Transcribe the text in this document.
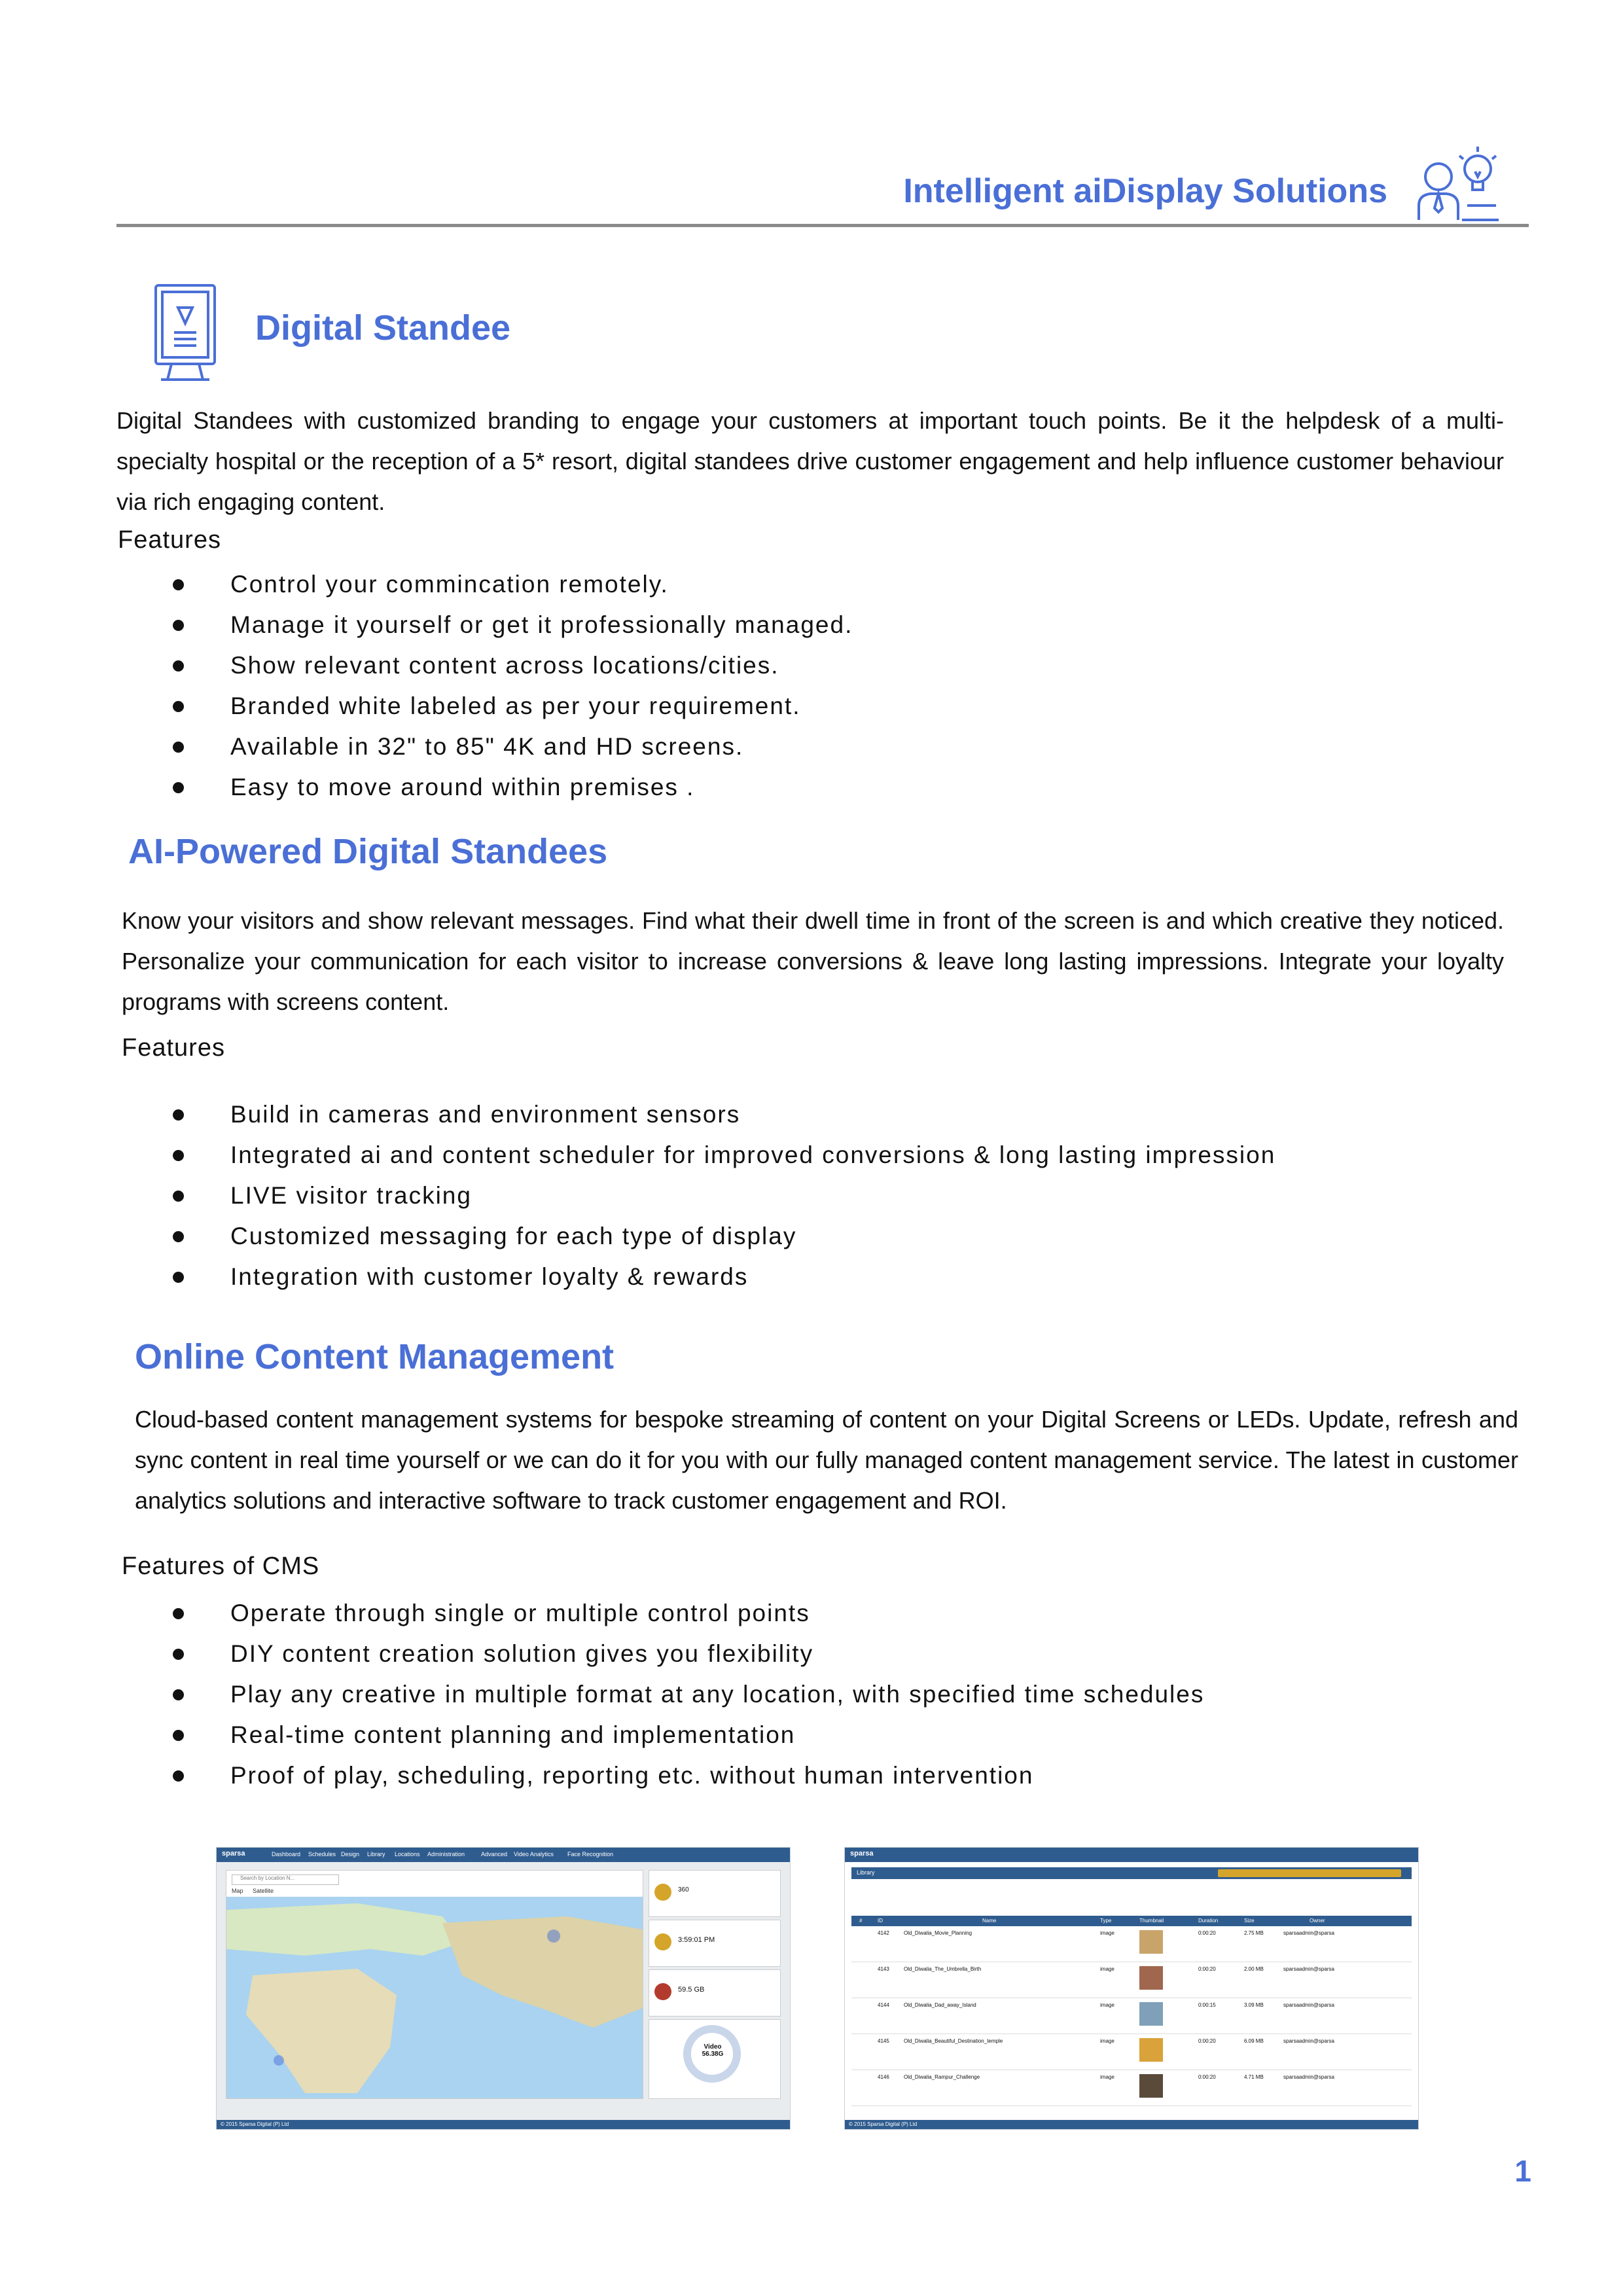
Intelligent aiDisplay Solutions
Digital Standee
Digital Standees with customized branding to engage your customers at important touch points. Be it the helpdesk of a multi-specialty hospital or the reception of a 5* resort, digital standees drive customer engagement and help influence customer behaviour via rich engaging content.
Features
Control your commincation remotely.
Manage it yourself or get it professionally managed.
Show relevant content across locations/cities.
Branded white labeled as per your requirement.
Available in 32" to 85" 4K and HD screens.
Easy to move around within premises .
AI-Powered Digital Standees
Know your visitors and show relevant messages. Find what their dwell time in front of the screen is and which creative they noticed. Personalize your communication for each visitor to increase conversions & leave long lasting impressions. Integrate your loyalty programs with screens content.
Features
Build in cameras and environment sensors
Integrated ai and content scheduler for improved conversions & long lasting impression
LIVE visitor tracking
Customized messaging for each type of display
Integration with customer loyalty & rewards
Online Content Management
Cloud-based content management systems for bespoke streaming of content on your Digital Screens or LEDs. Update, refresh and sync content in real time yourself or we can do it for you with our fully managed content management service. The latest in customer analytics solutions and interactive software to track customer engagement and ROI.
Features of CMS
Operate through single or multiple control points
DIY content creation solution gives you flexibility
Play any creative in multiple format at any location, with specified time schedules
Real-time content planning and implementation
Proof of play, scheduling, reporting etc. without human intervention
sparsa	Dashboard Schedules Design Library Locations Administration	Advanced Video Analytics Face Recognition
Search by Location N...
Map Satellite	360
3:59:01 PM
59.5 GB
Video
56.38G
© 2015 Sparsa Digital (P) Ltd
sparsa
Library
#	ID	Name	Type	Thumbnail	Duration	Size	Owner
4142	Old_Diwalia_Movie_Planning	image	0:00:20	2.75 MB	sparsaadmin@sparsa
4143	Old_Diwalia_The_Umbrella_Birth	image	0:00:20	2.00 MB	sparsaadmin@sparsa
4144	Old_Diwalia_Dad_away_Island	image	0:00:15	3.09 MB	sparsaadmin@sparsa
4145	Old_Diwalia_Beautiful_Destination_temple	image	0:00:20	6.09 MB	sparsaadmin@sparsa
4146	Old_Diwalia_Rampur_Challenge	image	0:00:20	4.71 MB	sparsaadmin@sparsa
© 2015 Sparsa Digital (P) Ltd
1
